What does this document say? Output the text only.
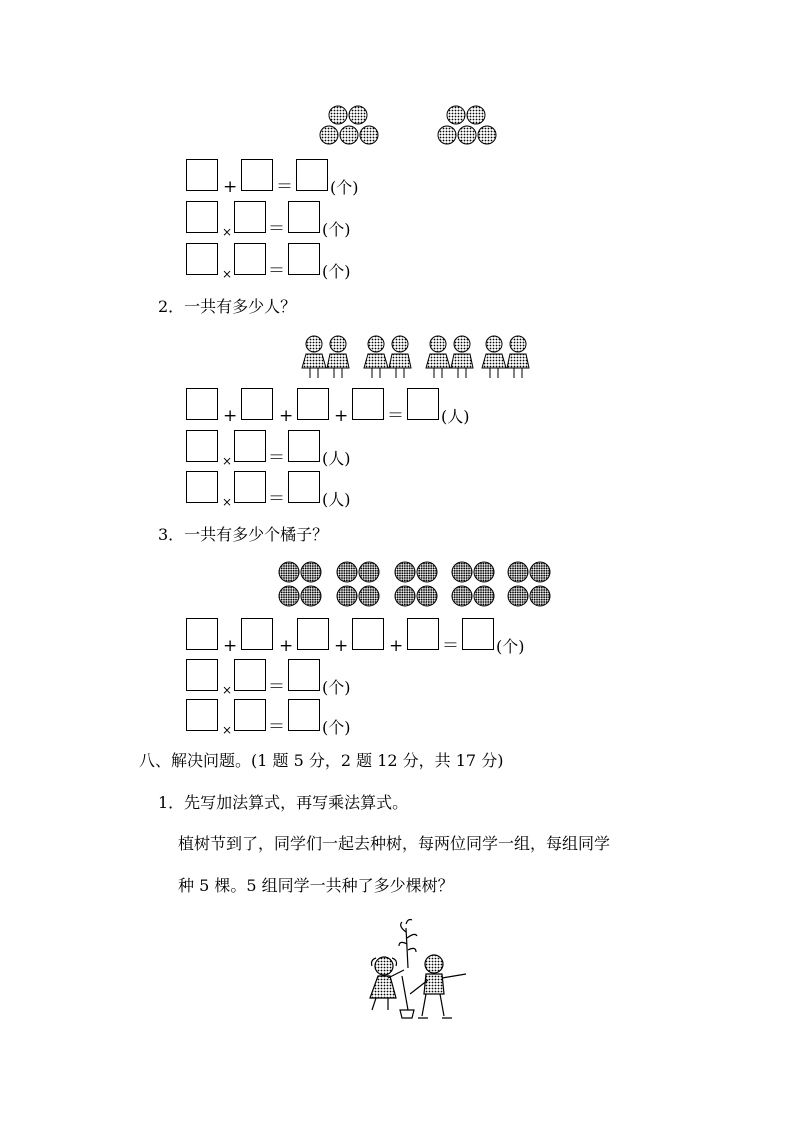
+ ＝ (个)
× ＝ (个)
× ＝ (个)
2．一共有多少人？
+ + + ＝ (人)
× ＝ (人)
× ＝ (人)
3．一共有多少个橘子？
+ + + + ＝ (个)
× ＝ (个)
× ＝ (个)
八、解决问题。(1 题 5 分，2 题 12 分，共 17 分)
1．先写加法算式，再写乘法算式。
植树节到了，同学们一起去种树，每两位同学一组，每组同学
种 5 棵。5 组同学一共种了多少棵树？
